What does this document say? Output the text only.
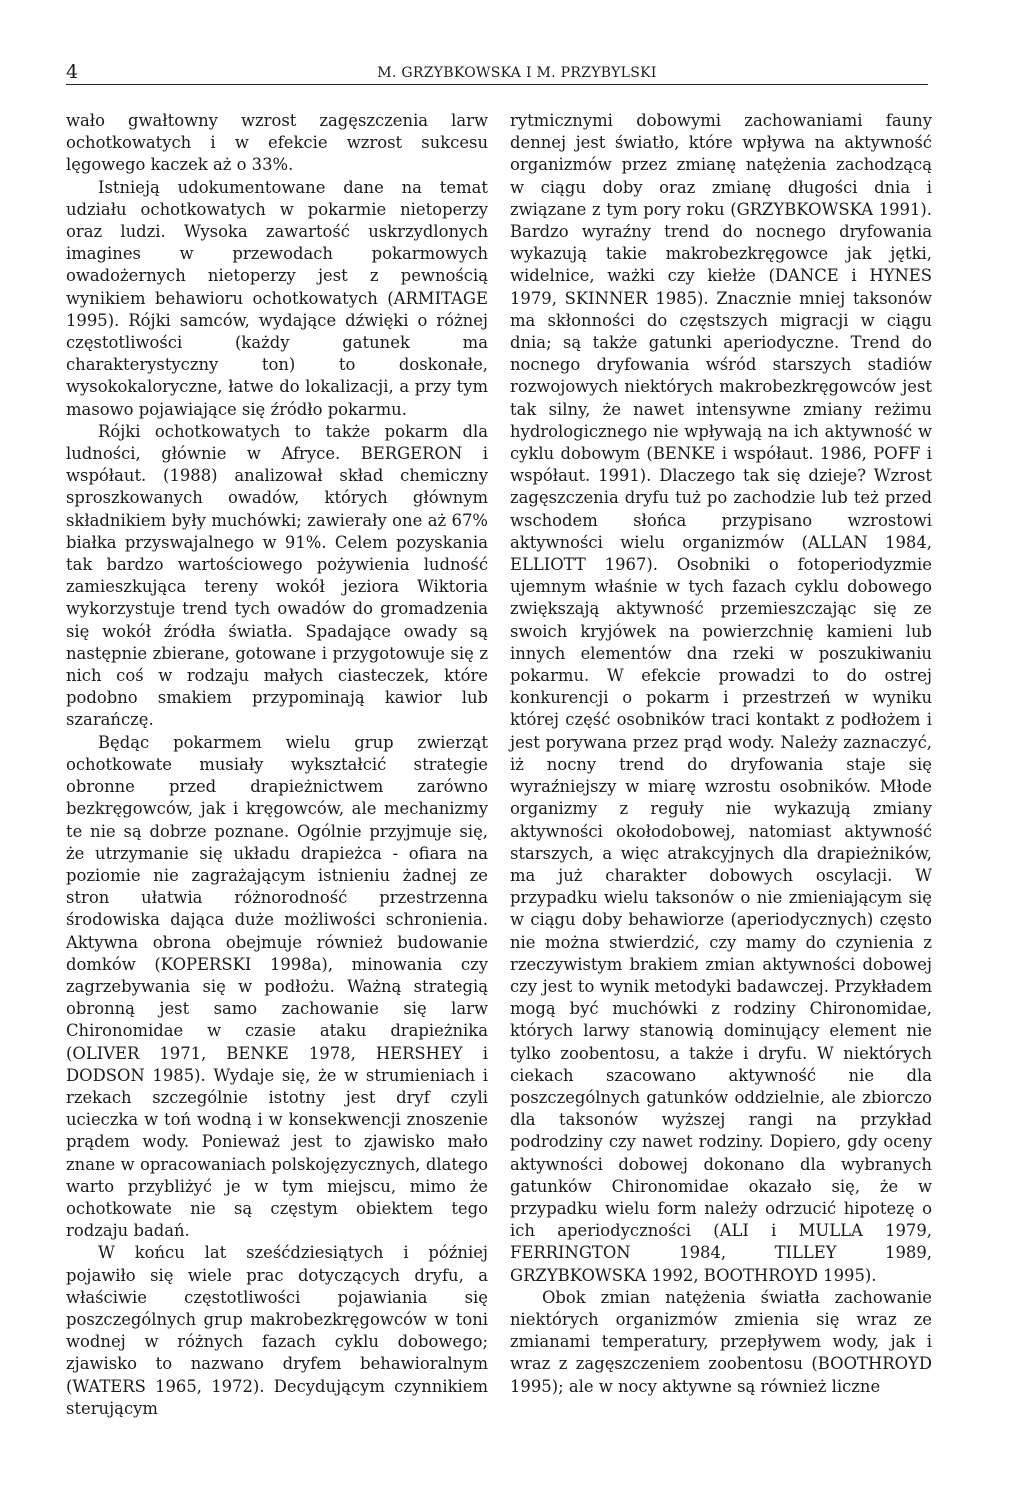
4	M. GRZYBKOWSKA I M. PRZYBYLSKI

wało gwałtowny wzrost zagęszczenia larw ochotkowatych i w efekcie wzrost sukcesu lęgowego kaczek aż o 33%.

Istnieją udokumentowane dane na temat udziału ochotkowatych w pokarmie nietoperzy oraz ludzi. Wysoka zawartość uskrzydlonych imagines w przewodach pokarmowych owadożernych nietoperzy jest z pewnością wynikiem behawioru ochotkowatych (ARMITAGE 1995). Rójki samców, wydające dźwięki o różnej częstotliwości (każdy gatunek ma charakterystyczny ton) to doskonałe, wysokokaloryczne, łatwe do lokalizacji, a przy tym masowo pojawiające się źródło pokarmu.

Rójki ochotkowatych to także pokarm dla ludności, głównie w Afryce. BERGERON i współaut. (1988) analizował skład chemiczny sproszkowanych owadów, których głównym składnikiem były muchówki; zawierały one aż 67% białka przyswajalnego w 91%. Celem pozyskania tak bardzo wartościowego pożywienia ludność zamieszkująca tereny wokół jeziora Wiktoria wykorzystuje trend tych owadów do gromadzenia się wokół źródła światła. Spadające owady są następnie zbierane, gotowane i przygotowuje się z nich coś w rodzaju małych ciasteczek, które podobno smakiem przypominają kawior lub szarańczę.

Będąc pokarmem wielu grup zwierząt ochotkowate musiały wykształcić strategie obronne przed drapieżnictwem zarówno bezkręgowców, jak i kręgowców, ale mechanizmy te nie są dobrze poznane. Ogólnie przyjmuje się, że utrzymanie się układu drapieżca - ofiara na poziomie nie zagrażającym istnieniu żadnej ze stron ułatwia różnorodność przestrzenna środowiska dająca duże możliwości schronienia. Aktywna obrona obejmuje również budowanie domków (KOPERSKI 1998a), minowania czy zagrzebywania się w podłożu. Ważną strategią obronną jest samo zachowanie się larw Chironomidae w czasie ataku drapieżnika (OLIVER 1971, BENKE 1978, HERSHEY i DODSON 1985). Wydaje się, że w strumieniach i rzekach szczególnie istotny jest dryf czyli ucieczka w toń wodną i w konsekwencji znoszenie prądem wody. Ponieważ jest to zjawisko mało znane w opracowaniach polskojęzycznych, dlatego warto przybliżyć je w tym miejscu, mimo że ochotkowate nie są częstym obiektem tego rodzaju badań.

W końcu lat sześćdziesiątych i później pojawiło się wiele prac dotyczących dryfu, a właściwie częstotliwości pojawiania się poszczególnych grup makrobezkręgowców w toni wodnej w różnych fazach cyklu dobowego; zjawisko to nazwano dryfem behawioralnym (WATERS 1965, 1972). Decydującym czynnikiem sterującym

rytmicznymi dobowymi zachowaniami fauny dennej jest światło, które wpływa na aktywność organizmów przez zmianę natężenia zachodzącą w ciągu doby oraz zmianę długości dnia i związane z tym pory roku (GRZYBKOWSKA 1991). Bardzo wyraźny trend do nocnego dryfowania wykazują takie makrobezkręgowce jak jętki, widelnice, ważki czy kiełże (DANCE i HYNES 1979, SKINNER 1985). Znacznie mniej taksonów ma skłonności do częstszych migracji w ciągu dnia; są także gatunki aperiodyczne. Trend do nocnego dryfowania wśród starszych stadiów rozwojowych niektórych makrobezkręgowców jest tak silny, że nawet intensywne zmiany reżimu hydrologicznego nie wpływają na ich aktywność w cyklu dobowym (BENKE i współaut. 1986, POFF i współaut. 1991). Dlaczego tak się dzieje? Wzrost zagęszczenia dryfu tuż po zachodzie lub też przed wschodem słońca przypisano wzrostowi aktywności wielu organizmów (ALLAN 1984, ELLIOTT 1967). Osobniki o fotoperiodyzmie ujemnym właśnie w tych fazach cyklu dobowego zwiększają aktywność przemieszczając się ze swoich kryjówek na powierzchnię kamieni lub innych elementów dna rzeki w poszukiwaniu pokarmu. W efekcie prowadzi to do ostrej konkurencji o pokarm i przestrzeń w wyniku której część osobników traci kontakt z podłożem i jest porywana przez prąd wody. Należy zaznaczyć, iż nocny trend do dryfowania staje się wyraźniejszy w miarę wzrostu osobników. Młode organizmy z reguły nie wykazują zmiany aktywności okołodobowej, natomiast aktywność starszych, a więc atrakcyjnych dla drapieżników, ma już charakter dobowych oscylacji. W przypadku wielu taksonów o nie zmieniającym się w ciągu doby behawiorze (aperiodycznych) często nie można stwierdzić, czy mamy do czynienia z rzeczywistym brakiem zmian aktywności dobowej czy jest to wynik metodyki badawczej. Przykładem mogą być muchówki z rodziny Chironomidae, których larwy stanowią dominujący element nie tylko zoobentosu, a także i dryfu. W niektórych ciekach szacowano aktywność nie dla poszczególnych gatunków oddzielnie, ale zbiorczo dla taksonów wyższej rangi na przykład podrodziny czy nawet rodziny. Dopiero, gdy oceny aktywności dobowej dokonano dla wybranych gatunków Chironomidae okazało się, że w przypadku wielu form należy odrzucić hipotezę o ich aperiodyczności (ALI i MULLA 1979, FERRINGTON 1984, TILLEY 1989, GRZYBKOWSKA 1992, BOOTHROYD 1995).

Obok zmian natężenia światła zachowanie niektórych organizmów zmienia się wraz ze zmianami temperatury, przepływem wody, jak i wraz z zagęszczeniem zoobentosu (BOOTHROYD 1995); ale w nocy aktywne są również liczne
